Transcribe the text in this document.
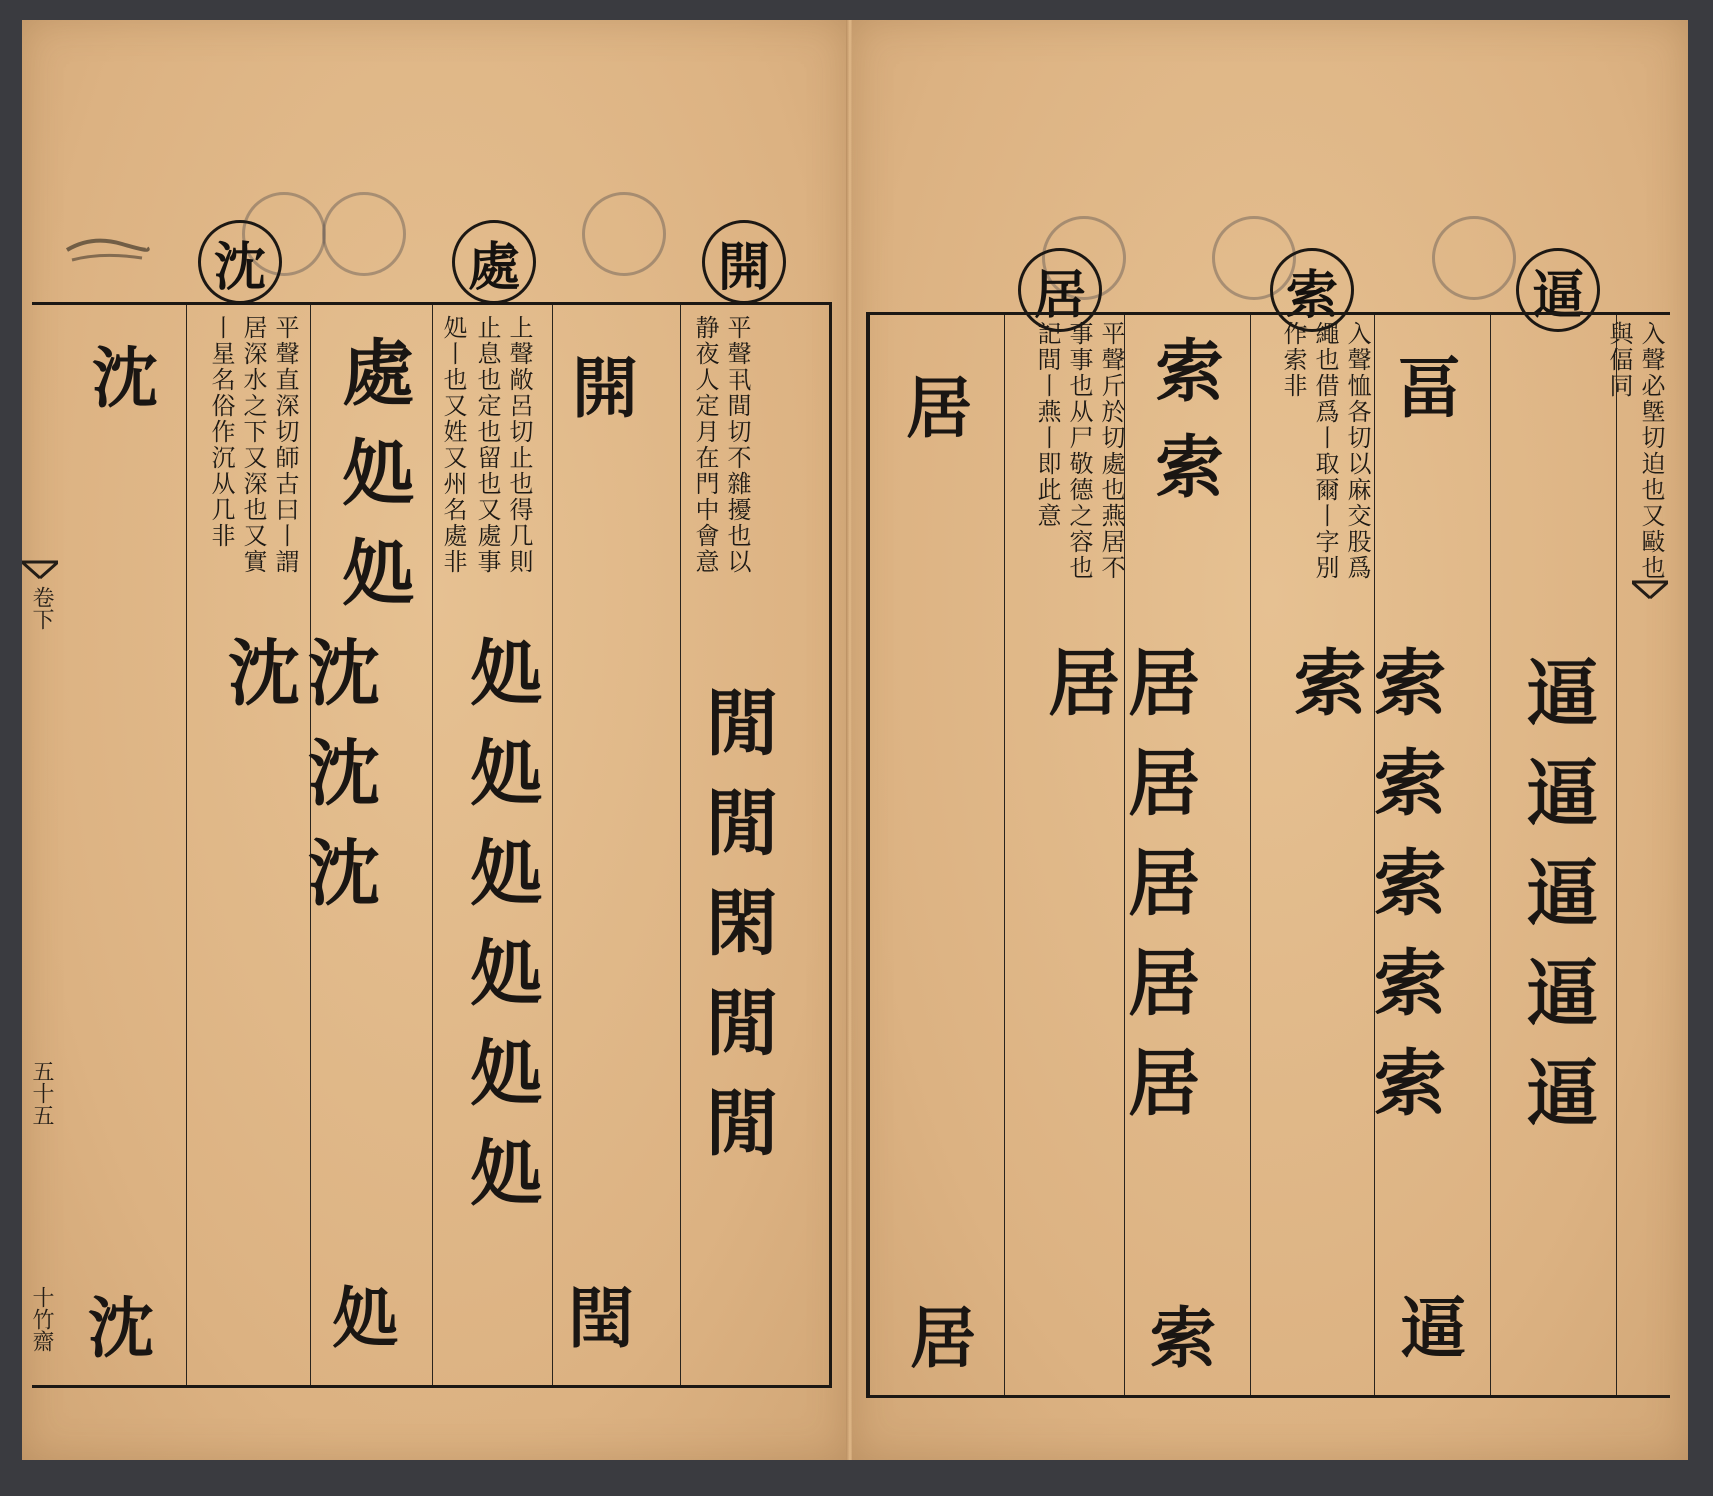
沈	處	開
平聲丮間切不雜擾也以
静夜人定月在門中會意
閒閒閑閒閒
閏
開
上聲敞呂切止也得几則
止息也定也留也又處事
処丨也又姓又州名處非
処処処処処処
處処処
処
平聲直深切師古曰丨謂
居深水之下又深也又實
丨星名俗作沉从几非
沈沈沈沈
沈
沈
卷下
五十五
十竹齋
居	索	逼
入聲必墍切迫也又敺也
與偪同
逼逼逼逼逼
畐
逼
入聲恤各切以麻交股爲
繩也借爲丨取爾丨字別
作索非
索索索索索索
索索
索
平聲斤於切處也燕居不
事事也从尸敬德之容也
記間丨燕丨即此意
居居居居居居
居
居
